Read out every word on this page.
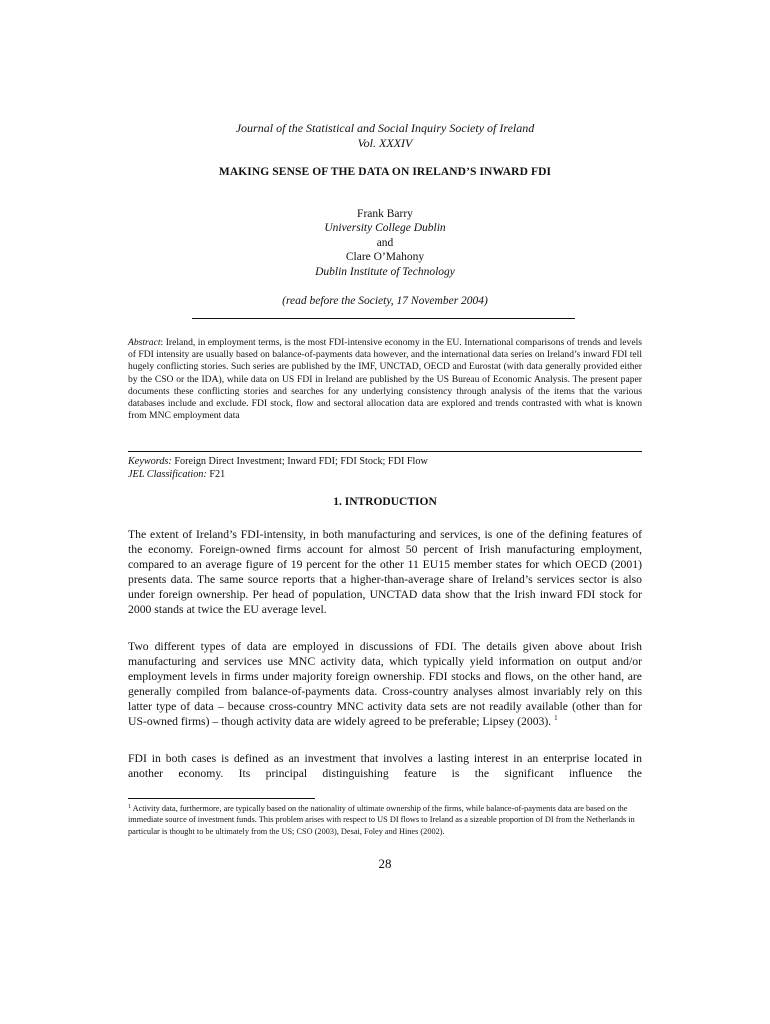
Journal of the Statistical and Social Inquiry Society of Ireland
Vol. XXXIV
MAKING SENSE OF THE DATA ON IRELAND’S INWARD FDI
Frank Barry
University College Dublin
and
Clare O’Mahony
Dublin Institute of Technology
(read before the Society, 17 November 2004)
Abstract: Ireland, in employment terms, is the most FDI-intensive economy in the EU. International comparisons of trends and levels of FDI intensity are usually based on balance-of-payments data however, and the international data series on Ireland’s inward FDI tell hugely conflicting stories. Such series are published by the IMF, UNCTAD, OECD and Eurostat (with data generally provided either by the CSO or the IDA), while data on US FDI in Ireland are published by the US Bureau of Economic Analysis. The present paper documents these conflicting stories and searches for any underlying consistency through analysis of the items that the various databases include and exclude. FDI stock, flow and sectoral allocation data are explored and trends contrasted with what is known from MNC employment data
Keywords: Foreign Direct Investment; Inward FDI; FDI Stock; FDI Flow
JEL Classification: F21
1. INTRODUCTION

The extent of Ireland’s FDI-intensity, in both manufacturing and services, is one of the defining features of the economy. Foreign-owned firms account for almost 50 percent of Irish manufacturing employment, compared to an average figure of 19 percent for the other 11 EU15 member states for which OECD (2001) presents data. The same source reports that a higher-than-average share of Ireland’s services sector is also under foreign ownership. Per head of population, UNCTAD data show that the Irish inward FDI stock for 2000 stands at twice the EU average level.

Two different types of data are employed in discussions of FDI. The details given above about Irish manufacturing and services use MNC activity data, which typically yield information on output and/or employment levels in firms under majority foreign ownership. FDI stocks and flows, on the other hand, are generally compiled from balance-of-payments data. Cross-country analyses almost invariably rely on this latter type of data – because cross-country MNC activity data sets are not readily available (other than for US-owned firms) – though activity data are widely agreed to be preferable; Lipsey (2003). $^1$

FDI in both cases is defined as an investment that involves a lasting interest in an enterprise located in another economy. Its principal distinguishing feature is the significant influence the

$^1$ Activity data, furthermore, are typically based on the nationality of ultimate ownership of the firms, while balance-of-payments data are based on the immediate source of investment funds. This problem arises with respect to US DI flows to Ireland as a sizeable proportion of DI from the Netherlands in particular is thought to be ultimately from the US; CSO (2003), Desai, Foley and Hines (2002).
28
